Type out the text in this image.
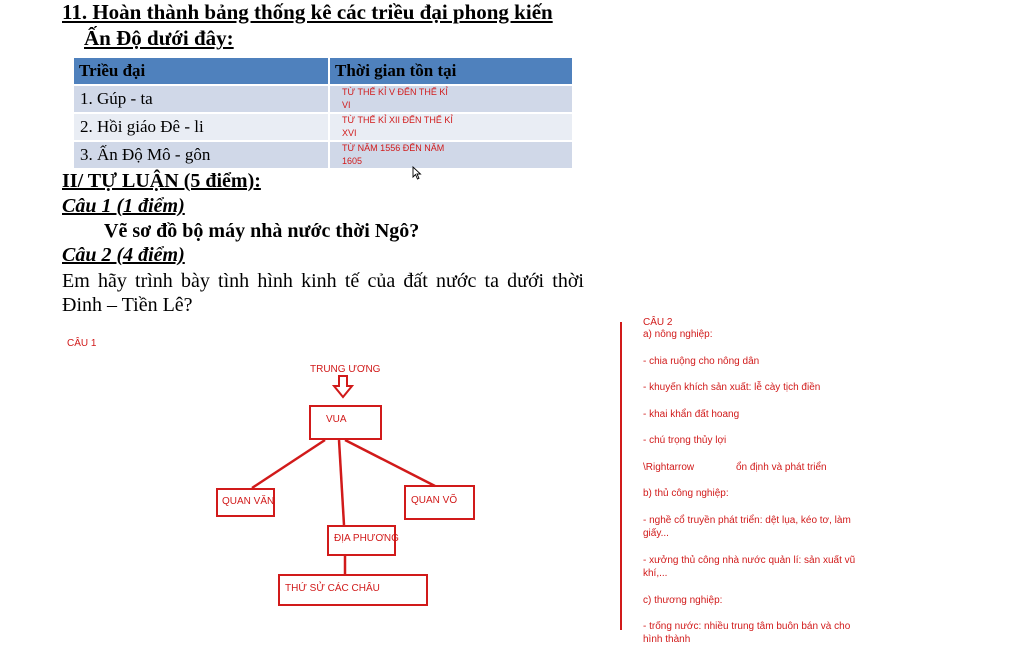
11. Hoàn thành bảng thống kê các triều đại phong kiến
Ấn Độ dưới đây:
Triều đại	Thời gian tồn tại
1. Gúp - ta	TỪ THẾ KỈ V ĐẾN THẾ KỈ
VI

2. Hồi giáo Đê - li	TỪ THẾ KỈ XII ĐẾN THẾ KỈ
XVI

3. Ấn Độ Mô - gôn	TỪ NĂM 1556 ĐẾN NĂM
1605
II/ TỰ LUẬN (5 điểm):
Câu 1 (1 điểm)
Vẽ sơ đồ bộ máy nhà nước thời Ngô?
Câu 2 (4 điểm)
Em hãy trình bày tình hình kinh tế của đất nước ta dưới thời
Đinh – Tiền Lê?
CÂU 1
TRUNG ƯƠNG
VUA
QUAN VĂN	QUAN VÕ
ĐỊA PHƯƠNG
THỨ SỬ CÁC CHÂU
CÂU 2
a) nông nghiệp:
- chia ruộng cho nông dân
- khuyến khích sản xuất: lễ cày tịch điền
- khai khẩn đất hoang
- chú trọng thủy lợi
\Rightarrow	ổn định và phát triển
b) thủ công nghiệp:
- nghề cổ truyền phát triển: dệt lụa, kéo tơ, làm giấy...
- xưởng thủ công nhà nước quản lí: sản xuất vũ khí,...
c) thương nghiệp:
- trống nước: nhiều trung tâm buôn bán và cho hình thành
